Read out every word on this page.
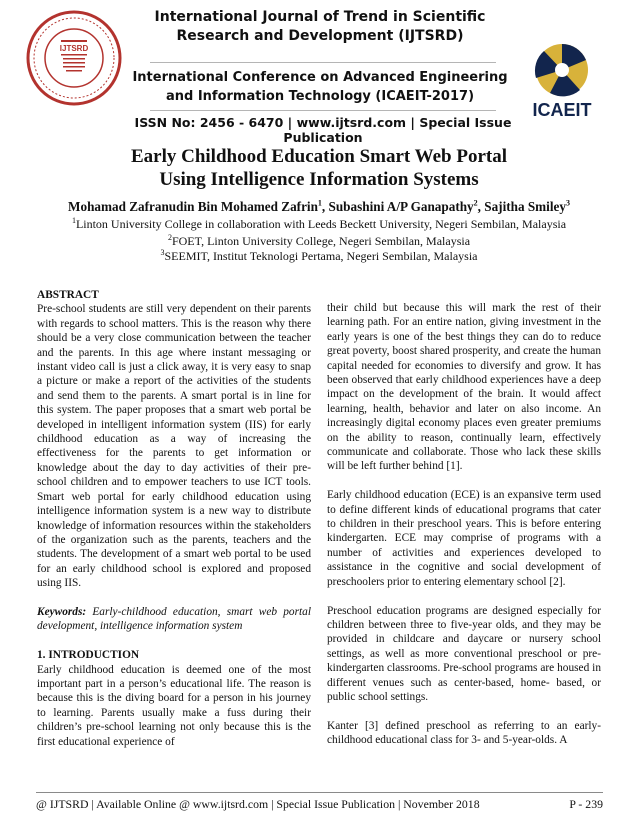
IJTSRD
International Journal of Trend in Scientific
Research and Development (IJTSRD)
International Conference on Advanced Engineering
and Information Technology (ICAEIT-2017)
ISSN No: 2456 - 6470 | www.ijtsrd.com | Special Issue Publication
ICAEIT
Early Childhood Education Smart Web Portal
Using Intelligence Information Systems
Mohamad Zafranudin Bin Mohamed Zafrin$^1$, Subashini A/P Ganapathy$^2$, Sajitha Smiley$^3$
$^1$Linton University College in collaboration with Leeds Beckett University, Negeri Sembilan, Malaysia
$^2$FOET, Linton University College, Negeri Sembilan, Malaysia
$^3$SEEMIT, Institut Teknologi Pertama, Negeri Sembilan, Malaysia
ABSTRACT

Pre-school students are still very dependent on their parents with regards to school matters. This is the reason why there should be a very close communication between the teacher and the parents. In this age where instant messaging or instant video call is just a click away, it is very easy to snap a picture or make a report of the activities of the students and send them to the parents. A smart portal is in line for this system. The paper proposes that a smart web portal be developed in intelligent information system (IIS) for early childhood education as a way of increasing the effectiveness for the parents to get information or knowledge about the day to day activities of their pre-school children and to empower teachers to use ICT tools. Smart web portal for early childhood education using intelligence information system is a new way to distribute knowledge of information resources within the stakeholders of the organization such as the parents, teachers and the students. The development of a smart web portal to be used for an early childhood school is explored and proposed using IIS.

Keywords: Early-childhood education, smart web portal development, intelligence information system

1. INTRODUCTION

Early childhood education is deemed one of the most important part in a person’s educational life. The reason is because this is the diving board for a person in his journey to learning. Parents usually make a fuss during their children’s pre-school learning not only because this is the first educational experience of

their child but because this will mark the rest of their learning path. For an entire nation, giving investment in the early years is one of the best things they can do to reduce great poverty, boost shared prosperity, and create the human capital needed for economies to diversify and grow. It has been observed that early childhood experiences have a deep impact on the development of the brain. It would affect learning, health, behavior and later on also income. An increasingly digital economy places even greater premiums on the ability to reason, continually learn, effectively communicate and collaborate. Those who lack these skills will be left further behind [1].

Early childhood education (ECE) is an expansive term used to define different kinds of educational programs that cater to children in their preschool years. This is before entering kindergarten. ECE may comprise of programs with a number of activities and experiences developed to assistance in the cognitive and social development of preschoolers prior to entering elementary school [2].

Preschool education programs are designed especially for children between three to five-year olds, and they may be provided in childcare and daycare or nursery school settings, as well as more conventional preschool or pre- kindergarten classrooms. Pre-school programs are housed in different venues such as center-based, home- based, or public school settings.

Kanter [3] defined preschool as referring to an early-childhood educational class for 3- and 5-year-olds. A

@ IJTSRD | Available Online @ www.ijtsrd.com | Special Issue Publication | November 2018	P - 239
